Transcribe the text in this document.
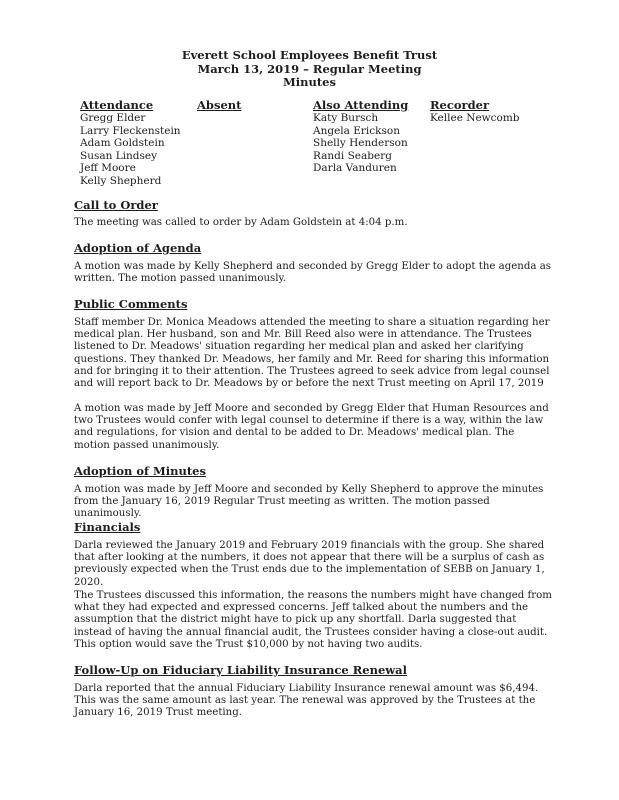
Everett School Employees Benefit Trust
March 13, 2019 – Regular Meeting
Minutes
Attendance
Gregg Elder
Larry Fleckenstein
Adam Goldstein
Susan Lindsey
Jeff Moore
Kelly Shepherd
Absent	Also Attending
Katy Bursch
Angela Erickson
Shelly Henderson
Randi Seaberg
Darla Vanduren
Recorder
Kellee Newcomb
Call to Order
The meeting was called to order by Adam Goldstein at 4:04 p.m.
Adoption of Agenda
A motion was made by Kelly Shepherd and seconded by Gregg Elder to adopt the agenda as written. The motion passed unanimously.
Public Comments
Staff member Dr. Monica Meadows attended the meeting to share a situation regarding her medical plan. Her husband, son and Mr. Bill Reed also were in attendance. The Trustees listened to Dr. Meadows' situation regarding her medical plan and asked her clarifying questions. They thanked Dr. Meadows, her family and Mr. Reed for sharing this information and for bringing it to their attention. The Trustees agreed to seek advice from legal counsel and will report back to Dr. Meadows by or before the next Trust meeting on April 17, 2019
A motion was made by Jeff Moore and seconded by Gregg Elder that Human Resources and two Trustees would confer with legal counsel to determine if there is a way, within the law and regulations, for vision and dental to be added to Dr. Meadows' medical plan. The motion passed unanimously.
Adoption of Minutes
A motion was made by Jeff Moore and seconded by Kelly Shepherd to approve the minutes from the January 16, 2019 Regular Trust meeting as written. The motion passed unanimously.
Financials
Darla reviewed the January 2019 and February 2019 financials with the group. She shared that after looking at the numbers, it does not appear that there will be a surplus of cash as previously expected when the Trust ends due to the implementation of SEBB on January 1, 2020.
The Trustees discussed this information, the reasons the numbers might have changed from what they had expected and expressed concerns. Jeff talked about the numbers and the assumption that the district might have to pick up any shortfall. Darla suggested that instead of having the annual financial audit, the Trustees consider having a close-out audit. This option would save the Trust $10,000 by not having two audits.
Follow-Up on Fiduciary Liability Insurance Renewal
Darla reported that the annual Fiduciary Liability Insurance renewal amount was $6,494. This was the same amount as last year. The renewal was approved by the Trustees at the January 16, 2019 Trust meeting.
